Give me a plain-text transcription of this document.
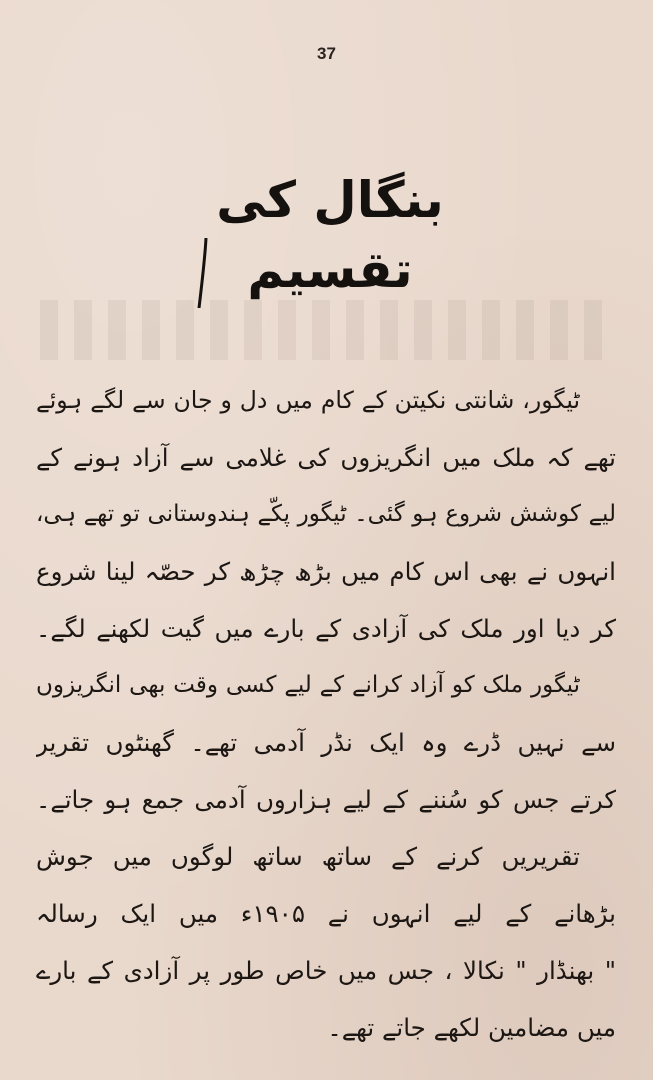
37
بنگال کی تقسیم
ٹیگور، شانتی نکیتن کے کام میں دل و جان سے لگے ہوئے
تھے کہ ملک میں انگریزوں کی غلامی سے آزاد ہونے کے
لیے کوشش شروع ہو گئی۔ ٹیگور پکّے ہندوستانی تو تھے ہی،
انہوں نے بھی اس کام میں بڑھ چڑھ کر حصّہ لینا شروع
کر دیا اور ملک کی آزادی کے بارے میں گیت لکھنے لگے۔
ٹیگور ملک کو آزاد کرانے کے لیے کسی وقت بھی انگریزوں
سے نہیں ڈرے وہ ایک نڈر آدمی تھے۔ گھنٹوں تقریر
کرتے جس کو سُننے کے لیے ہزاروں آدمی جمع ہو جاتے۔
تقریریں کرنے کے ساتھ ساتھ لوگوں میں جوش
بڑھانے کے لیے انہوں نے ۱۹۰۵ء میں ایک رسالہ
" بھنڈار " نکالا ، جس میں خاص طور پر آزادی کے بارے
میں مضامین لکھے جاتے تھے۔
